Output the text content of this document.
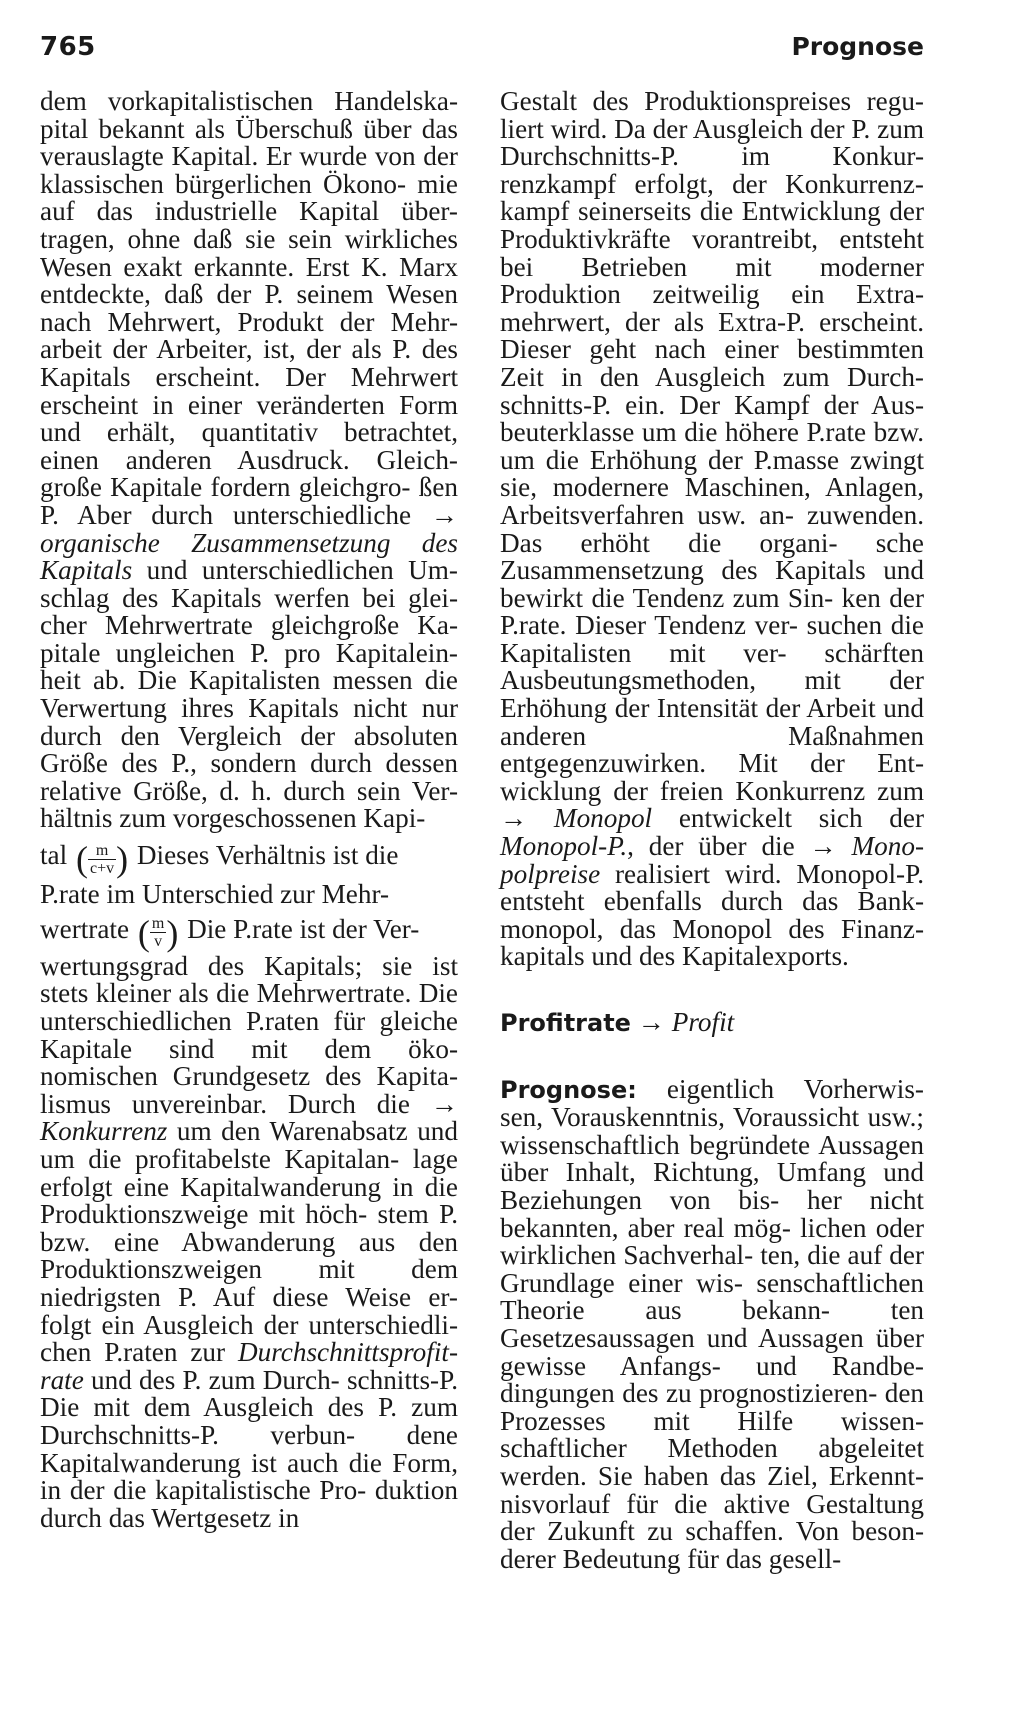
765	Prognose

dem vorkapitalistischen Handelska- pital bekannt als Überschuß über das verauslagte Kapital. Er wurde von der klassischen bürgerlichen Ökono- mie auf das industrielle Kapital über- tragen, ohne daß sie sein wirkliches Wesen exakt erkannte. Erst K. Marx entdeckte, daß der P. seinem Wesen nach Mehrwert, Produkt der Mehr- arbeit der Arbeiter, ist, der als P. des Kapitals erscheint. Der Mehrwert erscheint in einer veränderten Form und erhält, quantitativ betrachtet, einen anderen Ausdruck. Gleich- große Kapitale fordern gleichgro- ßen P. Aber durch unterschiedliche → organische Zusammensetzung des Kapitals und unterschiedlichen Um- schlag des Kapitals werfen bei glei- cher Mehrwertrate gleichgroße Ka- pitale ungleichen P. pro Kapitalein- heit ab. Die Kapitalisten messen die Verwertung ihres Kapitals nicht nur durch den Vergleich der absoluten Größe des P., sondern durch dessen relative Größe, d. h. durch sein Ver- hältnis zum vorgeschossenen Kapi-

tal ( $\frac{m}{c+v}$ ) Dieses Verhältnis ist die

P.rate im Unterschied zur Mehr-

wertrate ( $\frac{m}{v}$ ) Die P.rate ist der Ver-

wertungsgrad des Kapitals; sie ist stets kleiner als die Mehrwertrate. Die unterschiedlichen P.raten für gleiche Kapitale sind mit dem öko- nomischen Grundgesetz des Kapita- lismus unvereinbar. Durch die → Konkurrenz um den Warenabsatz und um die profitabelste Kapitalan- lage erfolgt eine Kapitalwanderung in die Produktionszweige mit höch- stem P. bzw. eine Abwanderung aus den Produktionszweigen mit dem niedrigsten P. Auf diese Weise er- folgt ein Ausgleich der unterschiedli- chen P.raten zur Durchschnittsprofit- rate und des P. zum Durch- schnitts-P. Die mit dem Ausgleich des P. zum Durchschnitts-P. verbun- dene Kapitalwanderung ist auch die Form, in der die kapitalistische Pro- duktion durch das Wertgesetz in

Gestalt des Produktionspreises regu- liert wird. Da der Ausgleich der P. zum Durchschnitts-P. im Konkur- renzkampf erfolgt, der Konkurrenz- kampf seinerseits die Entwicklung der Produktivkräfte vorantreibt, entsteht bei Betrieben mit moderner Produktion zeitweilig ein Extra- mehrwert, der als Extra-P. erscheint. Dieser geht nach einer bestimmten Zeit in den Ausgleich zum Durch- schnitts-P. ein. Der Kampf der Aus- beuterklasse um die höhere P.rate bzw. um die Erhöhung der P.masse zwingt sie, modernere Maschinen, Anlagen, Arbeitsverfahren usw. an- zuwenden. Das erhöht die organi- sche Zusammensetzung des Kapitals und bewirkt die Tendenz zum Sin- ken der P.rate. Dieser Tendenz ver- suchen die Kapitalisten mit ver- schärften Ausbeutungsmethoden, mit der Erhöhung der Intensität der Arbeit und anderen Maßnahmen entgegenzuwirken. Mit der Ent- wicklung der freien Konkurrenz zum → Monopol entwickelt sich der Monopol-P., der über die → Mono- polpreise realisiert wird. Monopol-P. entsteht ebenfalls durch das Bank- monopol, das Monopol des Finanz- kapitals und des Kapitalexports.

Profitrate → Profit

Prognose: eigentlich Vorherwis- sen, Vorauskenntnis, Voraussicht usw.; wissenschaftlich begründete Aussagen über Inhalt, Richtung, Umfang und Beziehungen von bis- her nicht bekannten, aber real mög- lichen oder wirklichen Sachverhal- ten, die auf der Grundlage einer wis- senschaftlichen Theorie aus bekann- ten Gesetzesaussagen und Aussagen über gewisse Anfangs- und Randbe- dingungen des zu prognostizieren- den Prozesses mit Hilfe wissen- schaftlicher Methoden abgeleitet werden. Sie haben das Ziel, Erkennt- nisvorlauf für die aktive Gestaltung der Zukunft zu schaffen. Von beson- derer Bedeutung für das gesell-
